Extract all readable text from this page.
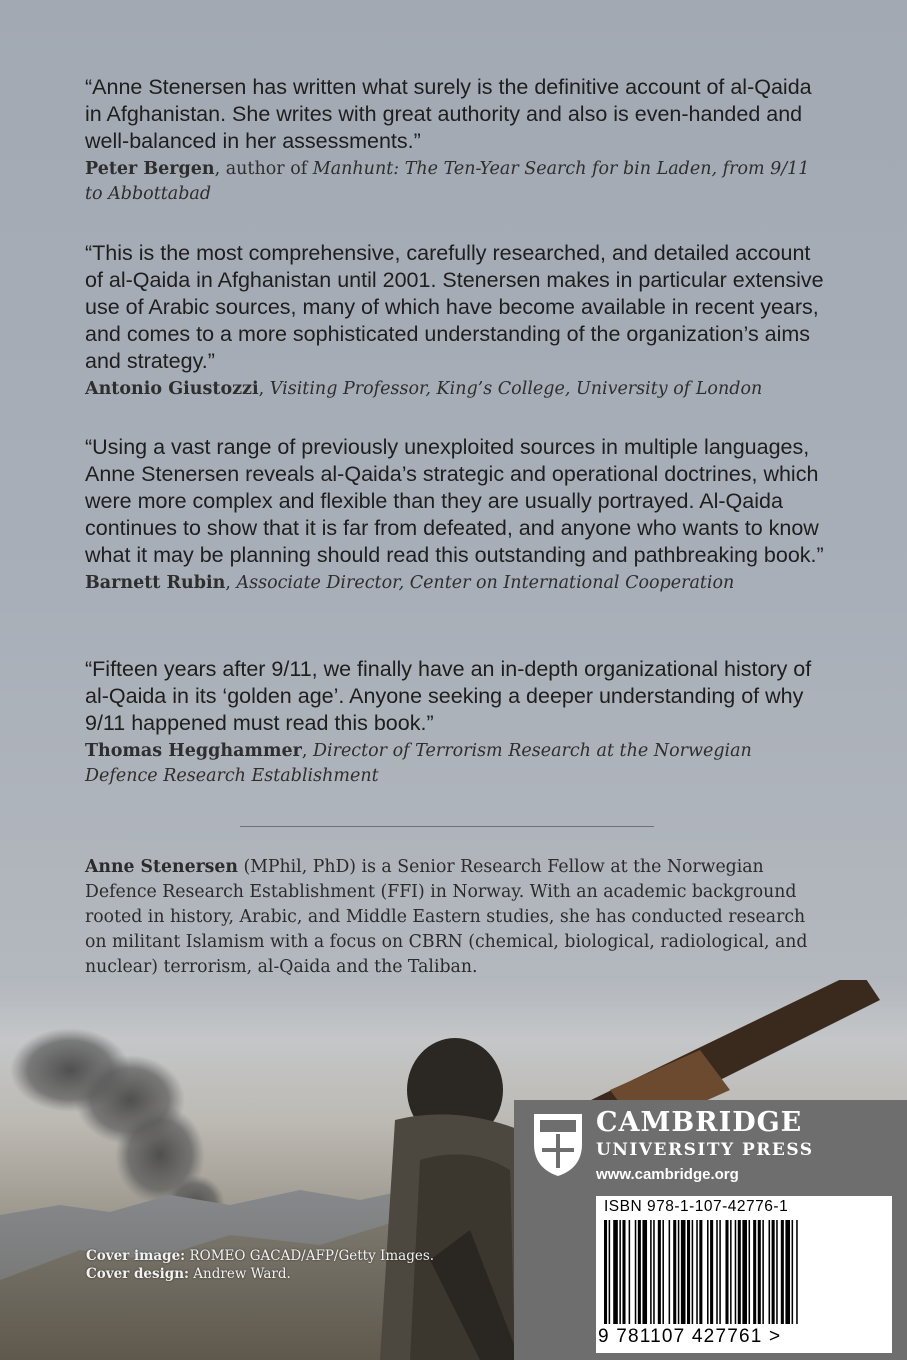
“Anne Stenersen has written what surely is the definitive account of al-Qaida in Afghanistan. She writes with great authority and also is even-handed and well-balanced in her assessments.”

Peter Bergen, author of Manhunt: The Ten-Year Search for bin Laden, from 9/11 to Abbottabad

“This is the most comprehensive, carefully researched, and detailed account of al-Qaida in Afghanistan until 2001. Stenersen makes in particular extensive use of Arabic sources, many of which have become available in recent years, and comes to a more sophisticated understanding of the organization’s aims and strategy.”

Antonio Giustozzi, Visiting Professor, King’s College, University of London

“Using a vast range of previously unexploited sources in multiple languages, Anne Stenersen reveals al-Qaida’s strategic and operational doctrines, which were more complex and flexible than they are usually portrayed. Al-Qaida continues to show that it is far from defeated, and anyone who wants to know what it may be planning should read this outstanding and pathbreaking book.”

Barnett Rubin, Associate Director, Center on International Cooperation

“Fifteen years after 9/11, we finally have an in-depth organizational history of al-Qaida in its ‘golden age’. Anyone seeking a deeper understanding of why 9/11 happened must read this book.”

Thomas Hegghammer, Director of Terrorism Research at the Norwegian Defence Research Establishment
Anne Stenersen (MPhil, PhD) is a Senior Research Fellow at the Norwegian Defence Research Establishment (FFI) in Norway. With an academic background rooted in history, Arabic, and Middle Eastern studies, she has conducted research on militant Islamism with a focus on CBRN (chemical, biological, radiological, and nuclear) terrorism, al-Qaida and the Taliban.
Cover image: ROMEO GACAD/AFP/Getty Images.
Cover design: Andrew Ward.
CAMBRIDGE
UNIVERSITY PRESS
www.cambridge.org
ISBN 978-1-107-42776-1
9 781107 427761 >
